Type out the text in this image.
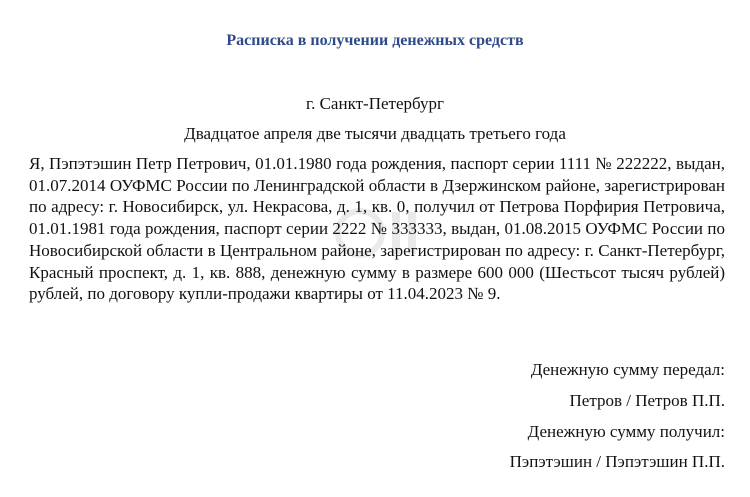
Расписка в получении денежных средств
г. Санкт-Петербург
Двадцатое апреля две тысячи двадцать третьего года

Я, Пэпэтэшин Петр Петрович, 01.01.1980 года рождения, паспорт серии 1111 № 222222, выдан, 01.07.2014 ОУФМС России по Ленинградской области в Дзержинском районе, зарегистрирован по адресу: г. Новосибирск, ул. Некрасова, д. 1, кв. 0, получил от Петрова Порфирия Петровича, 01.01.1981 года рождения, паспорт серии 2222 № 333333, выдан, 01.08.2015 ОУФМС России по Новосибирской области в Центральном районе, зарегистрирован по адресу: г. Санкт-Петербург, Красный проспект, д. 1, кв. 888, денежную сумму в размере 600 000 (Шестьсот тысяч рублей) рублей, по договору купли-продажи квартиры от 11.04.2023 № 9.

Денежную сумму передал:
Петров / Петров П.П.
Денежную сумму получил:
Пэпэтэшин / Пэпэтэшин П.П.
